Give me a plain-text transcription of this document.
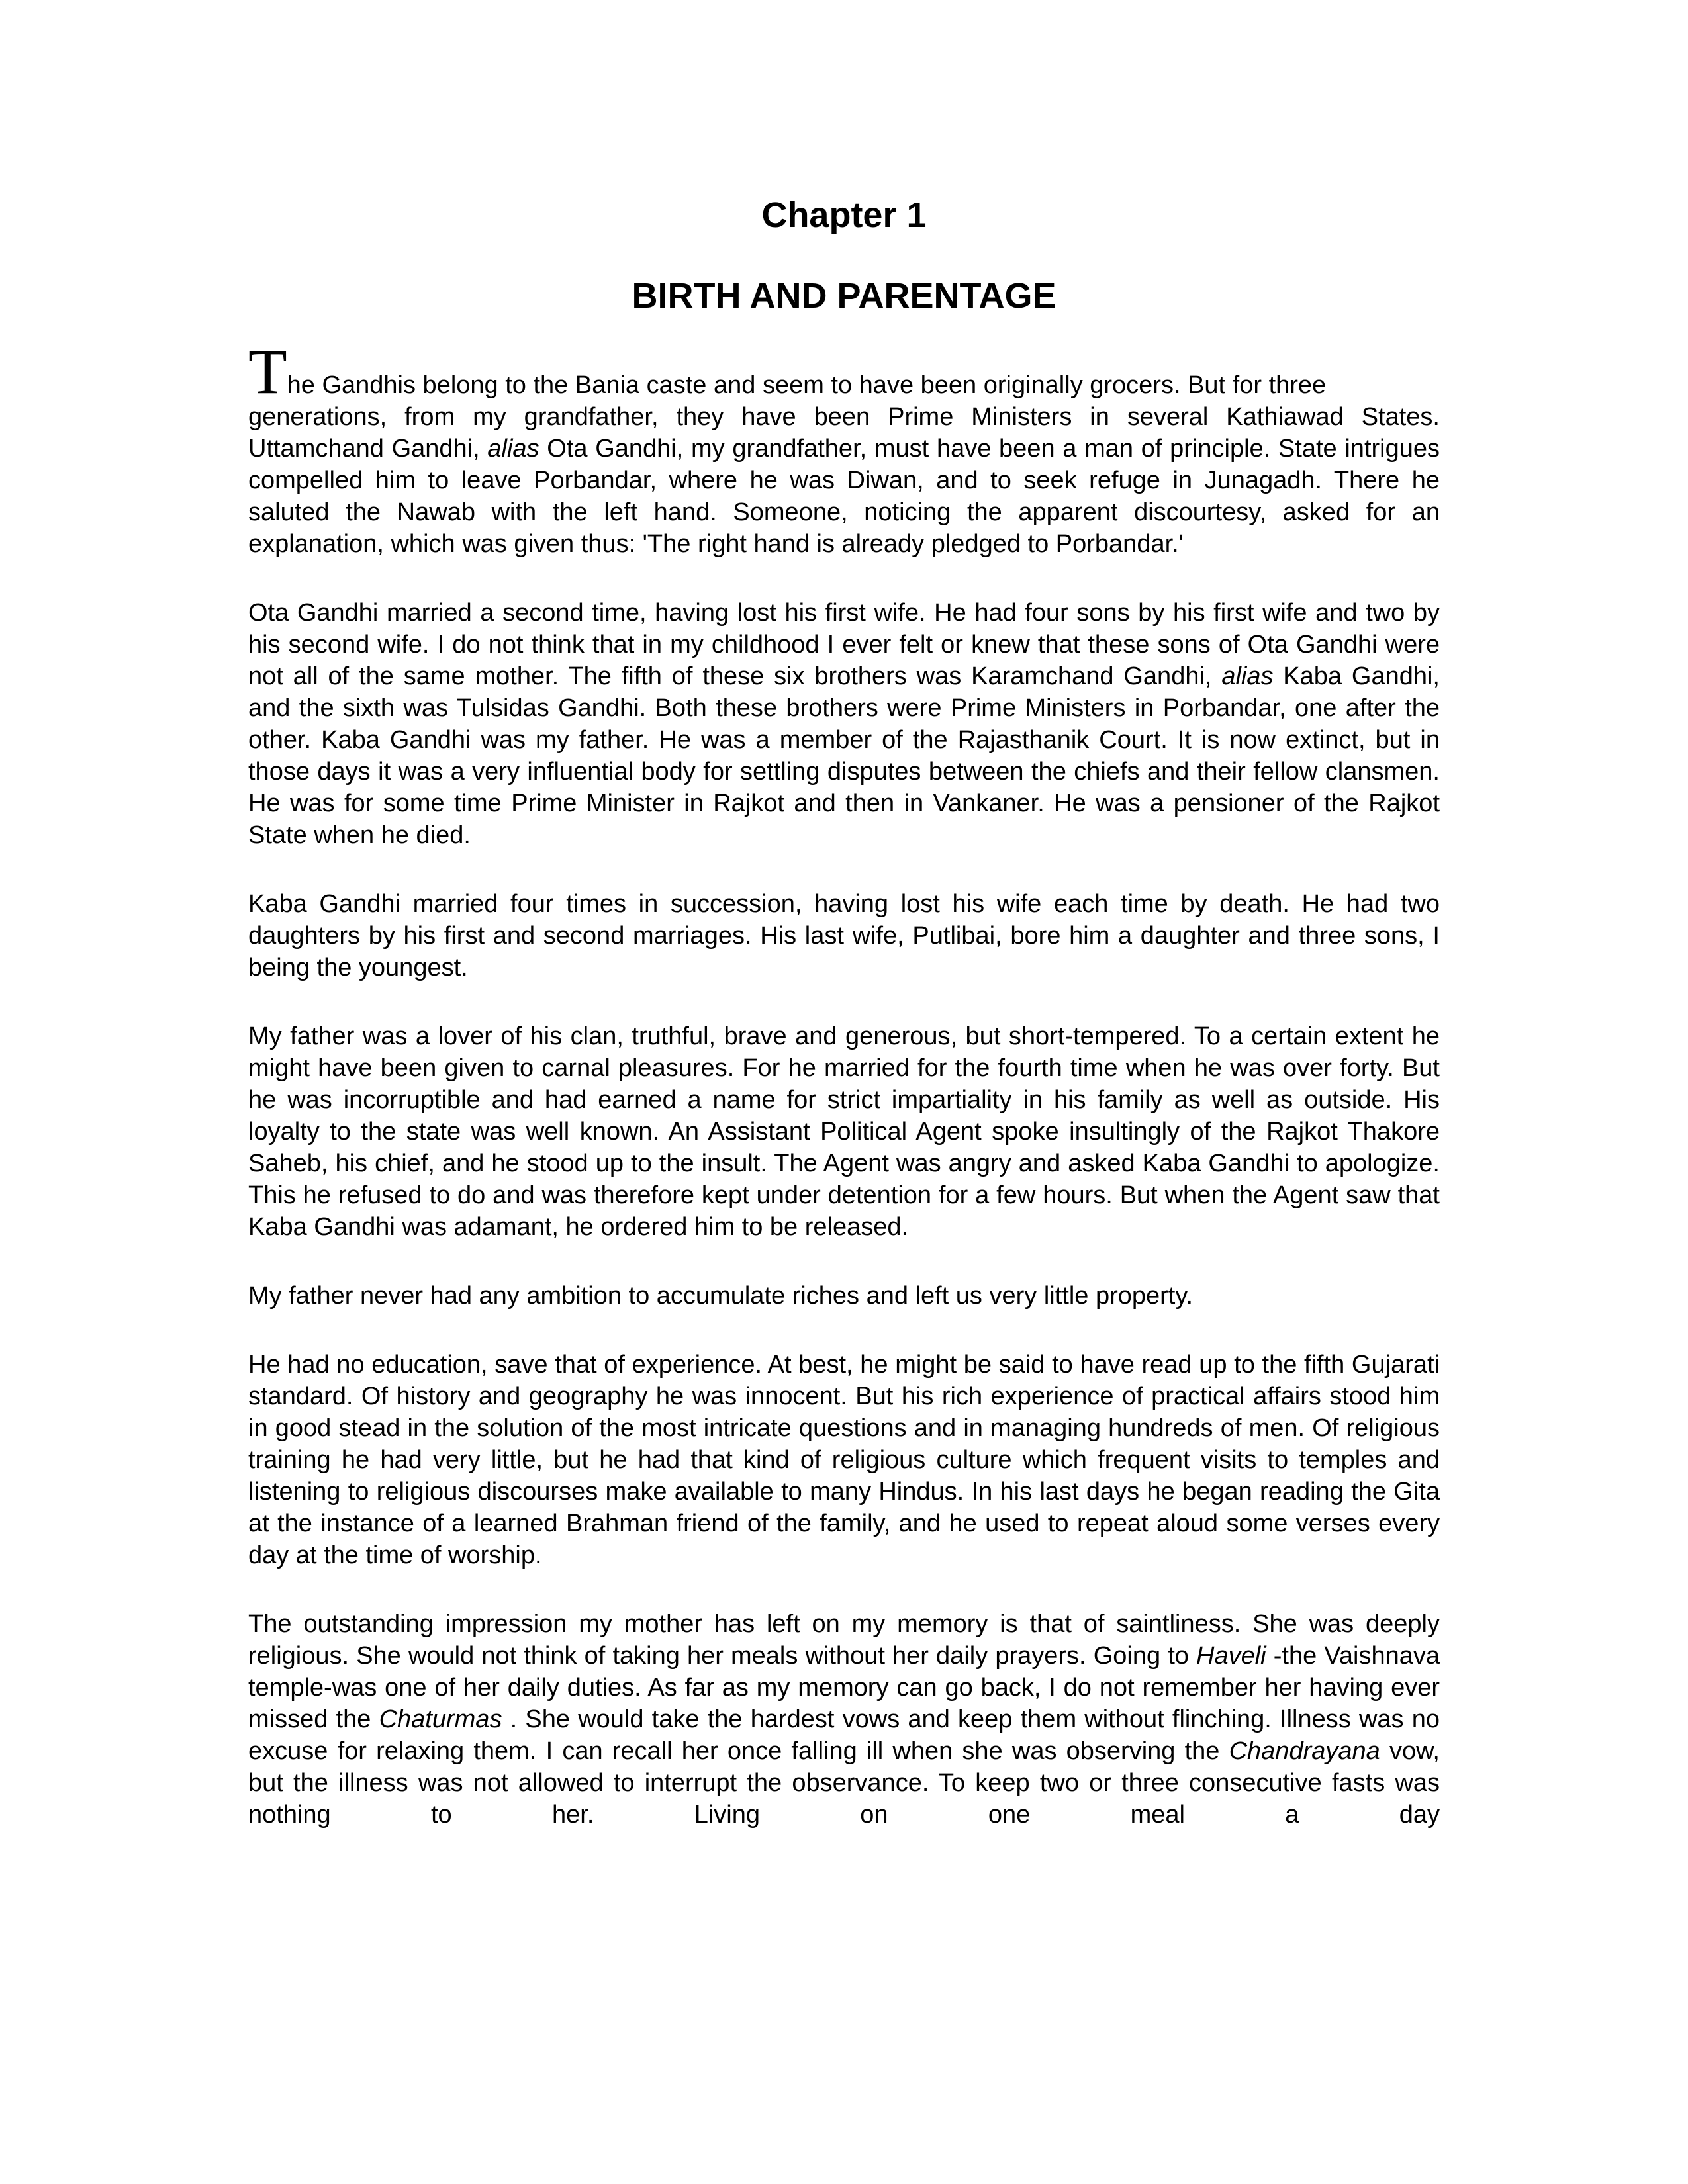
Chapter 1
BIRTH AND PARENTAGE

The Gandhis belong to the Bania caste and seem to have been originally grocers. But for three
generations, from my grandfather, they have been Prime Ministers in several Kathiawad States. Uttamchand Gandhi, alias Ota Gandhi, my grandfather, must have been a man of principle. State intrigues compelled him to leave Porbandar, where he was Diwan, and to seek refuge in Junagadh. There he saluted the Nawab with the left hand. Someone, noticing the apparent discourtesy, asked for an explanation, which was given thus: 'The right hand is already pledged to Porbandar.'

Ota Gandhi married a second time, having lost his first wife. He had four sons by his first wife and two by his second wife. I do not think that in my childhood I ever felt or knew that these sons of Ota Gandhi were not all of the same mother. The fifth of these six brothers was Karamchand Gandhi, alias Kaba Gandhi, and the sixth was Tulsidas Gandhi. Both these brothers were Prime Ministers in Porbandar, one after the other. Kaba Gandhi was my father. He was a member of the Rajasthanik Court. It is now extinct, but in those days it was a very influential body for settling disputes between the chiefs and their fellow clansmen. He was for some time Prime Minister in Rajkot and then in Vankaner. He was a pensioner of the Rajkot State when he died.

Kaba Gandhi married four times in succession, having lost his wife each time by death. He had two daughters by his first and second marriages. His last wife, Putlibai, bore him a daughter and three sons, I being the youngest.

My father was a lover of his clan, truthful, brave and generous, but short-tempered. To a certain extent he might have been given to carnal pleasures. For he married for the fourth time when he was over forty. But he was incorruptible and had earned a name for strict impartiality in his family as well as outside. His loyalty to the state was well known. An Assistant Political Agent spoke insultingly of the Rajkot Thakore Saheb, his chief, and he stood up to the insult. The Agent was angry and asked Kaba Gandhi to apologize. This he refused to do and was therefore kept under detention for a few hours. But when the Agent saw that Kaba Gandhi was adamant, he ordered him to be released.

My father never had any ambition to accumulate riches and left us very little property.

He had no education, save that of experience. At best, he might be said to have read up to the fifth Gujarati standard. Of history and geography he was innocent. But his rich experience of practical affairs stood him in good stead in the solution of the most intricate questions and in managing hundreds of men. Of religious training he had very little, but he had that kind of religious culture which frequent visits to temples and listening to religious discourses make available to many Hindus. In his last days he began reading the Gita at the instance of a learned Brahman friend of the family, and he used to repeat aloud some verses every day at the time of worship.

The outstanding impression my mother has left on my memory is that of saintliness. She was deeply religious. She would not think of taking her meals without her daily prayers. Going to Haveli -the Vaishnava temple-was one of her daily duties. As far as my memory can go back, I do not remember her having ever missed the Chaturmas . She would take the hardest vows and keep them without flinching. Illness was no excuse for relaxing them. I can recall her once falling ill when she was observing the Chandrayana vow, but the illness was not allowed to interrupt the observance. To keep two or three consecutive fasts was nothing to her. Living on one meal a day
